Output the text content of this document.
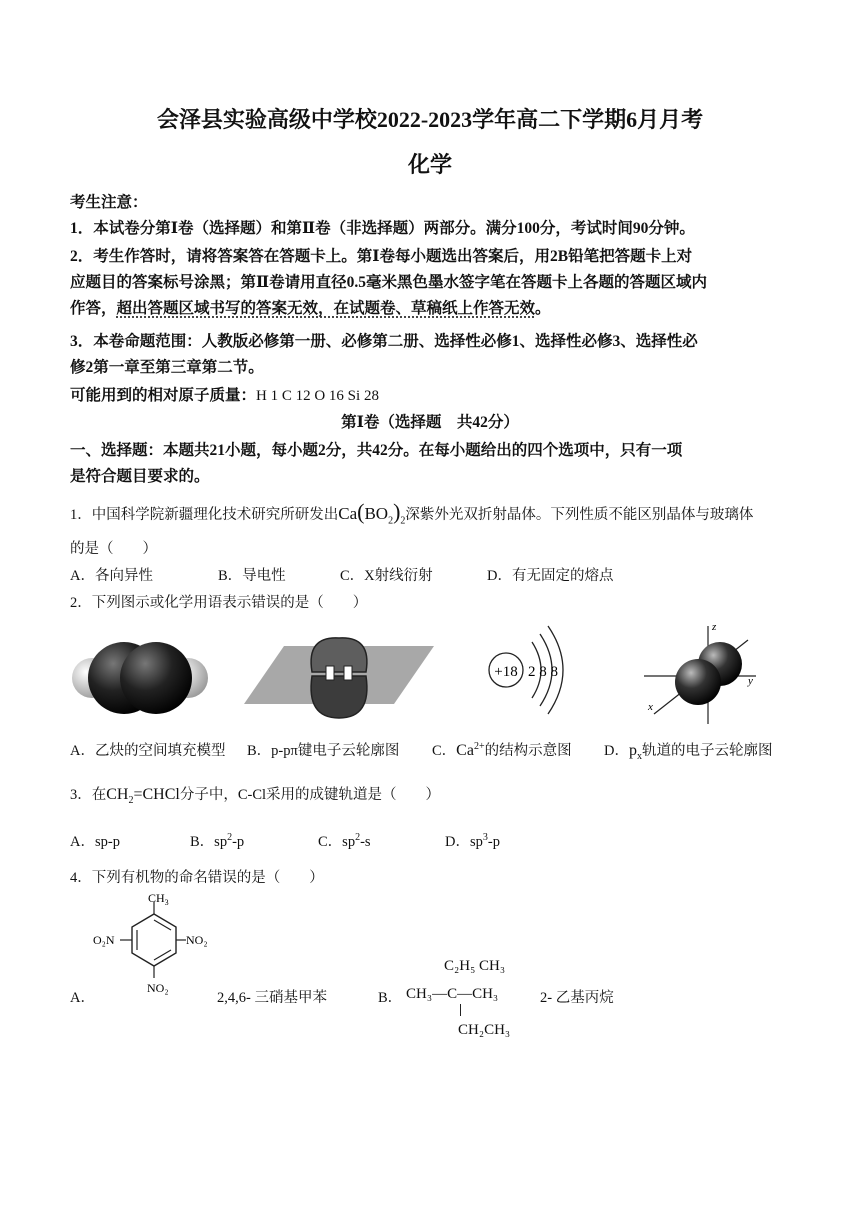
会泽县实验高级中学校2022-2023学年高二下学期6月月考
化学
考生注意：
1．本试卷分第Ⅰ卷（选择题）和第Ⅱ卷（非选择题）两部分。满分100分，考试时间90分钟。
2．考生作答时，请将答案答在答题卡上。第Ⅰ卷每小题选出答案后，用2B铅笔把答题卡上对
应题目的答案标号涂黑；第Ⅱ卷请用直径0.5毫米黑色墨水签字笔在答题卡上各题的答题区域内
作答，超出答题区域书写的答案无效，在试题卷、草稿纸上作答无效。
3．本卷命题范围：人教版必修第一册、必修第二册、选择性必修1、选择性必修3、选择性必
修2第一章至第三章第二节。
可能用到的相对原子质量：H 1 C 12 O 16 Si 28
第Ⅰ卷（选择题　共42分）
一、选择题：本题共21小题，每小题2分，共42分。在每小题给出的四个选项中，只有一项
是符合题目要求的。
1．中国科学院新疆理化技术研究所研发出$Ca(BO_2)_2$深紫外光双折射晶体。下列性质不能区别晶体与玻璃体
的是（　　）
A．各向异性	B．导电性	C．X射线衍射	D．有无固定的熔点
2．下列图示或化学用语表示错误的是（　　）
+18 2 8 8
z
y
x
A．乙炔的空间填充模型 B．p-pπ键电子云轮廓图 C．$Ca^{2+}$的结构示意图 D．$p_x$轨道的电子云轮廓图
3．在$CH_2=CHCl$分子中，C-Cl采用的成键轨道是（　　）
A．sp-p	B．$sp^2-p$	C．$sp^2-s$	D．$sp^3-p$
4．下列有机物的命名错误的是（　　）
$CH_3$
O₂N	NO₂
NO₂
A．	2,4,6- 三硝基甲苯	B．
C₂H₅ CH₃
CH₃—C—CH₃
CH₂CH₃
2- 乙基丙烷
